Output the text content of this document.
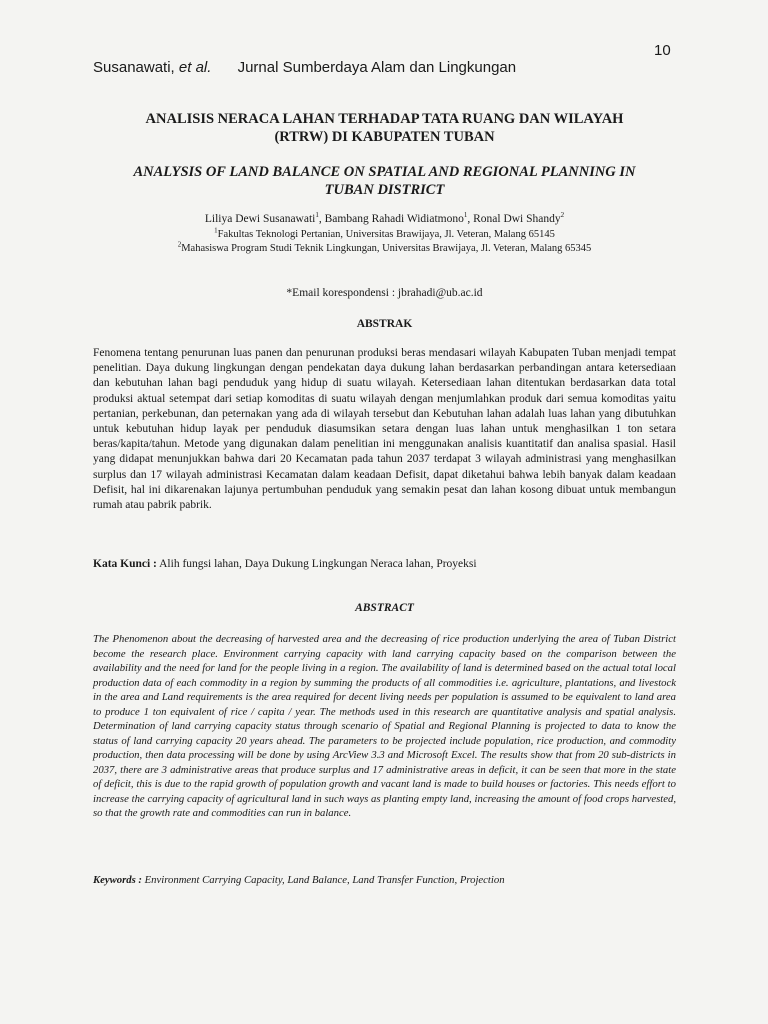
10
Susanawati, et al. Jurnal Sumberdaya Alam dan Lingkungan
ANALISIS NERACA LAHAN TERHADAP TATA RUANG DAN WILAYAH
(RTRW) DI KABUPATEN TUBAN
ANALYSIS OF LAND BALANCE ON SPATIAL AND REGIONAL PLANNING IN
TUBAN DISTRICT
Liliya Dewi Susanawati$^1$, Bambang Rahadi Widiatmono$^1$, Ronal Dwi Shandy$^2$
$^1$Fakultas Teknologi Pertanian, Universitas Brawijaya, Jl. Veteran, Malang 65145
$^2$Mahasiswa Program Studi Teknik Lingkungan, Universitas Brawijaya, Jl. Veteran, Malang 65345
*Email korespondensi : jbrahadi@ub.ac.id
ABSTRAK
Fenomena tentang penurunan luas panen dan penurunan produksi beras mendasari wilayah Kabupaten Tuban menjadi tempat penelitian. Daya dukung lingkungan dengan pendekatan daya dukung lahan berdasarkan perbandingan antara ketersediaan dan kebutuhan lahan bagi penduduk yang hidup di suatu wilayah. Ketersediaan lahan ditentukan berdasarkan data total produksi aktual setempat dari setiap komoditas di suatu wilayah dengan menjumlahkan produk dari semua komoditas yaitu pertanian, perkebunan, dan peternakan yang ada di wilayah tersebut dan Kebutuhan lahan adalah luas lahan yang dibutuhkan untuk kebutuhan hidup layak per penduduk diasumsikan setara dengan luas lahan untuk menghasilkan 1 ton setara beras/kapita/tahun. Metode yang digunakan dalam penelitian ini menggunakan analisis kuantitatif dan analisa spasial. Hasil yang didapat menunjukkan bahwa dari 20 Kecamatan pada tahun 2037 terdapat 3 wilayah administrasi yang menghasilkan surplus dan 17 wilayah administrasi Kecamatan dalam keadaan Defisit, dapat diketahui bahwa lebih banyak dalam keadaan Defisit, hal ini dikarenakan lajunya pertumbuhan penduduk yang semakin pesat dan lahan kosong dibuat untuk membangun rumah atau pabrik pabrik.
Kata Kunci : Alih fungsi lahan, Daya Dukung Lingkungan Neraca lahan, Proyeksi
ABSTRACT
The Phenomenon about the decreasing of harvested area and the decreasing of rice production underlying the area of Tuban District become the research place. Environment carrying capacity with land carrying capacity based on the comparison between the availability and the need for land for the people living in a region. The availability of land is determined based on the actual total local production data of each commodity in a region by summing the products of all commodities i.e. agriculture, plantations, and livestock in the area and Land requirements is the area required for decent living needs per population is assumed to be equivalent to land area to produce 1 ton equivalent of rice / capita / year. The methods used in this research are quantitative analysis and spatial analysis. Determination of land carrying capacity status through scenario of Spatial and Regional Planning is projected to data to know the status of land carrying capacity 20 years ahead. The parameters to be projected include population, rice production, and commodity production, then data processing will be done by using ArcView 3.3 and Microsoft Excel. The results show that from 20 sub-districts in 2037, there are 3 administrative areas that produce surplus and 17 administrative areas in deficit, it can be seen that more in the state of deficit, this is due to the rapid growth of population growth and vacant land is made to build houses or factories. This needs effort to increase the carrying capacity of agricultural land in such ways as planting empty land, increasing the amount of food crops harvested, so that the growth rate and commodities can run in balance.
Keywords : Environment Carrying Capacity, Land Balance, Land Transfer Function, Projection
